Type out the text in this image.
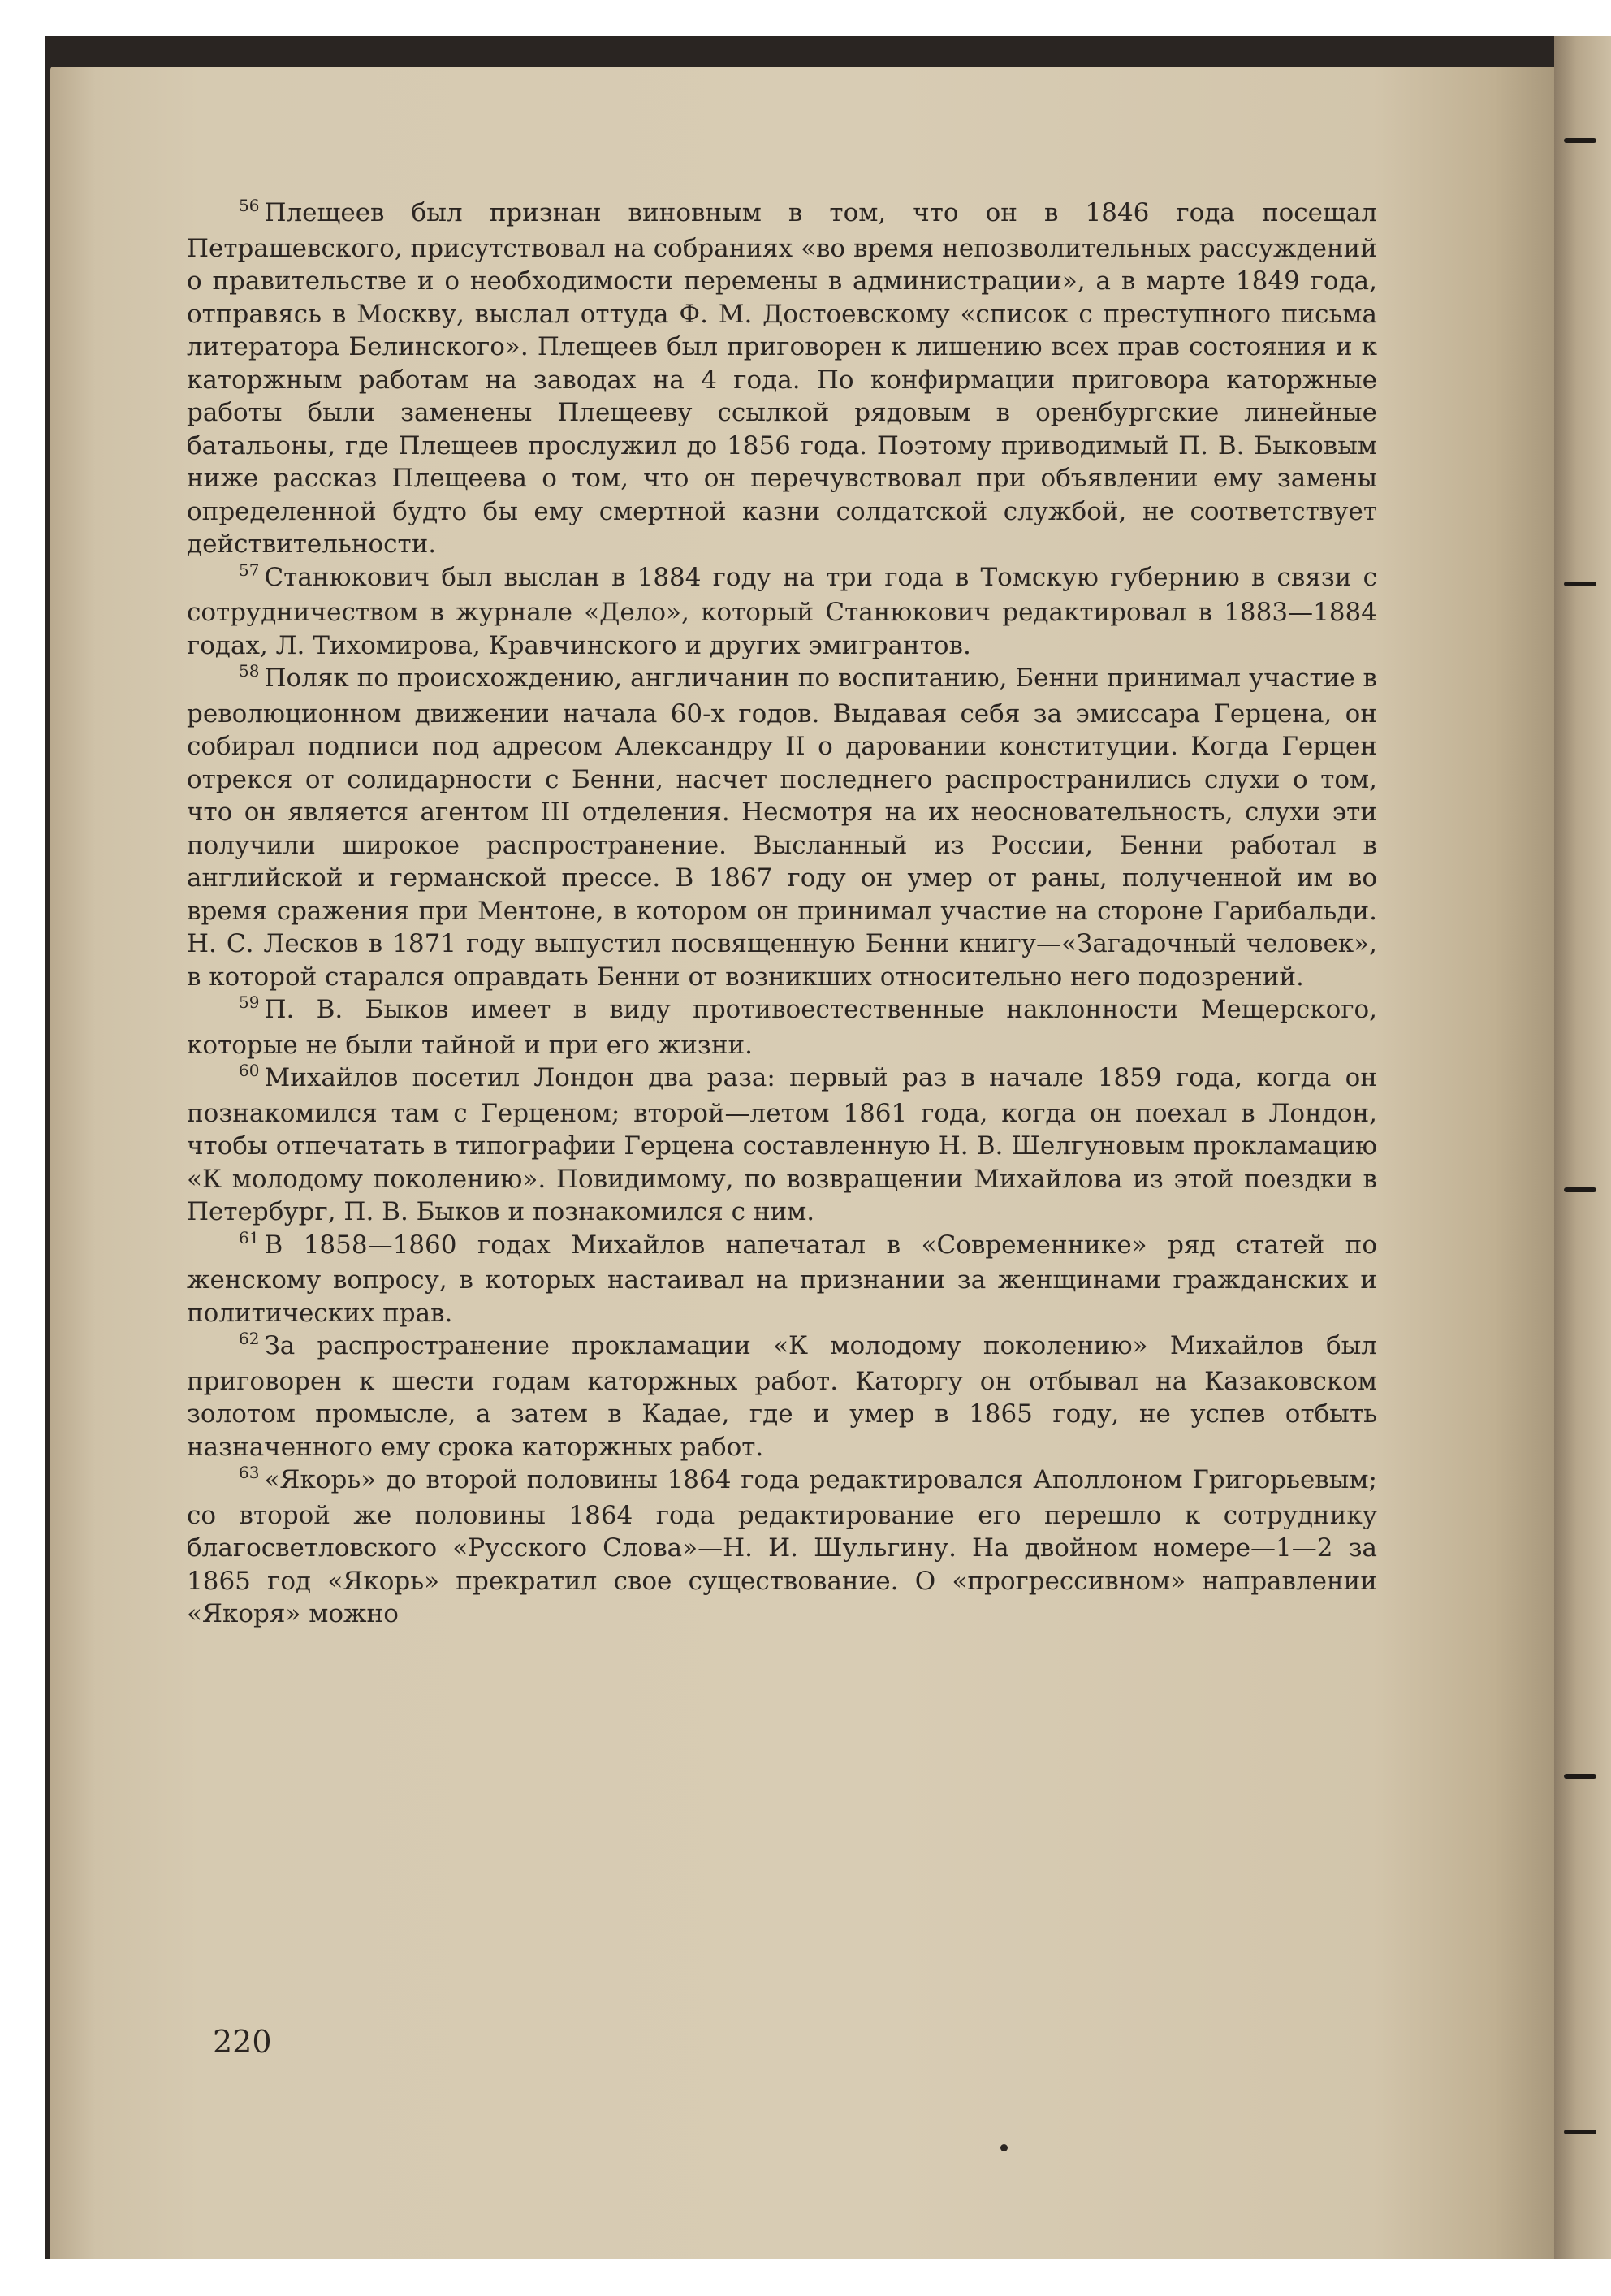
$^{56}$ Плещеев был признан виновным в том, что он в 1846 года посещал Петрашевского, присутствовал на собраниях «во время непозволительных рассуждений о правительстве и о необходимости перемены в администрации», а в марте 1849 года, отправясь в Москву, выслал оттуда Ф. М. Достоевскому «список с преступного письма литератора Белинского». Плещеев был приговорен к лишению всех прав состояния и к каторжным работам на заводах на 4 года. По конфирмации приговора каторжные работы были заменены Плещееву ссылкой рядовым в оренбургские линейные батальоны, где Плещеев прослужил до 1856 года. Поэтому приводимый П. В. Быковым ниже рассказ Плещеева о том, что он перечувствовал при объявлении ему замены определенной будто бы ему смертной казни солдатской службой, не соответствует действительности.

$^{57}$ Станюкович был выслан в 1884 году на три года в Томскую губернию в связи с сотрудничеством в журнале «Дело», который Станюкович редактировал в 1883—1884 годах, Л. Тихомирова, Кравчинского и других эмигрантов.

$^{58}$ Поляк по происхождению, англичанин по воспитанию, Бенни принимал участие в революционном движении начала 60-х годов. Выдавая себя за эмиссара Герцена, он собирал подписи под адресом Александру II о даровании конституции. Когда Герцен отрекся от солидарности с Бенни, насчет последнего распространились слухи о том, что он является агентом III отделения. Несмотря на их неосновательность, слухи эти получили широкое распространение. Высланный из России, Бенни работал в английской и германской прессе. В 1867 году он умер от раны, полученной им во время сражения при Ментоне, в котором он принимал участие на стороне Гарибальди. Н. С. Лесков в 1871 году выпустил посвященную Бенни книгу—«Загадочный человек», в которой старался оправдать Бенни от возникших относительно него подозрений.

$^{59}$ П. В. Быков имеет в виду противоестественные наклонности Мещерского, которые не были тайной и при его жизни.

$^{60}$ Михайлов посетил Лондон два раза: первый раз в начале 1859 года, когда он познакомился там с Герценом; второй—летом 1861 года, когда он поехал в Лондон, чтобы отпечатать в типографии Герцена составленную Н. В. Шелгуновым прокламацию «К молодому поколению». Повидимому, по возвращении Михайлова из этой поездки в Петербург, П. В. Быков и познакомился с ним.

$^{61}$ В 1858—1860 годах Михайлов напечатал в «Современнике» ряд статей по женскому вопросу, в которых настаивал на признании за женщинами гражданских и политических прав.

$^{62}$ За распространение прокламации «К молодому поколению» Михайлов был приговорен к шести годам каторжных работ. Каторгу он отбывал на Казаковском золотом промысле, а затем в Кадае, где и умер в 1865 году, не успев отбыть назначенного ему срока каторжных работ.

$^{63}$ «Якорь» до второй половины 1864 года редактировался Аполлоном Григорьевым; со второй же половины 1864 года редактирование его перешло к сотруднику благосветловского «Русского Слова»—Н. И. Шульгину. На двойном номере—1—2 за 1865 год «Якорь» прекратил свое существование. О «прогрессивном» направлении «Якоря» можно

220
